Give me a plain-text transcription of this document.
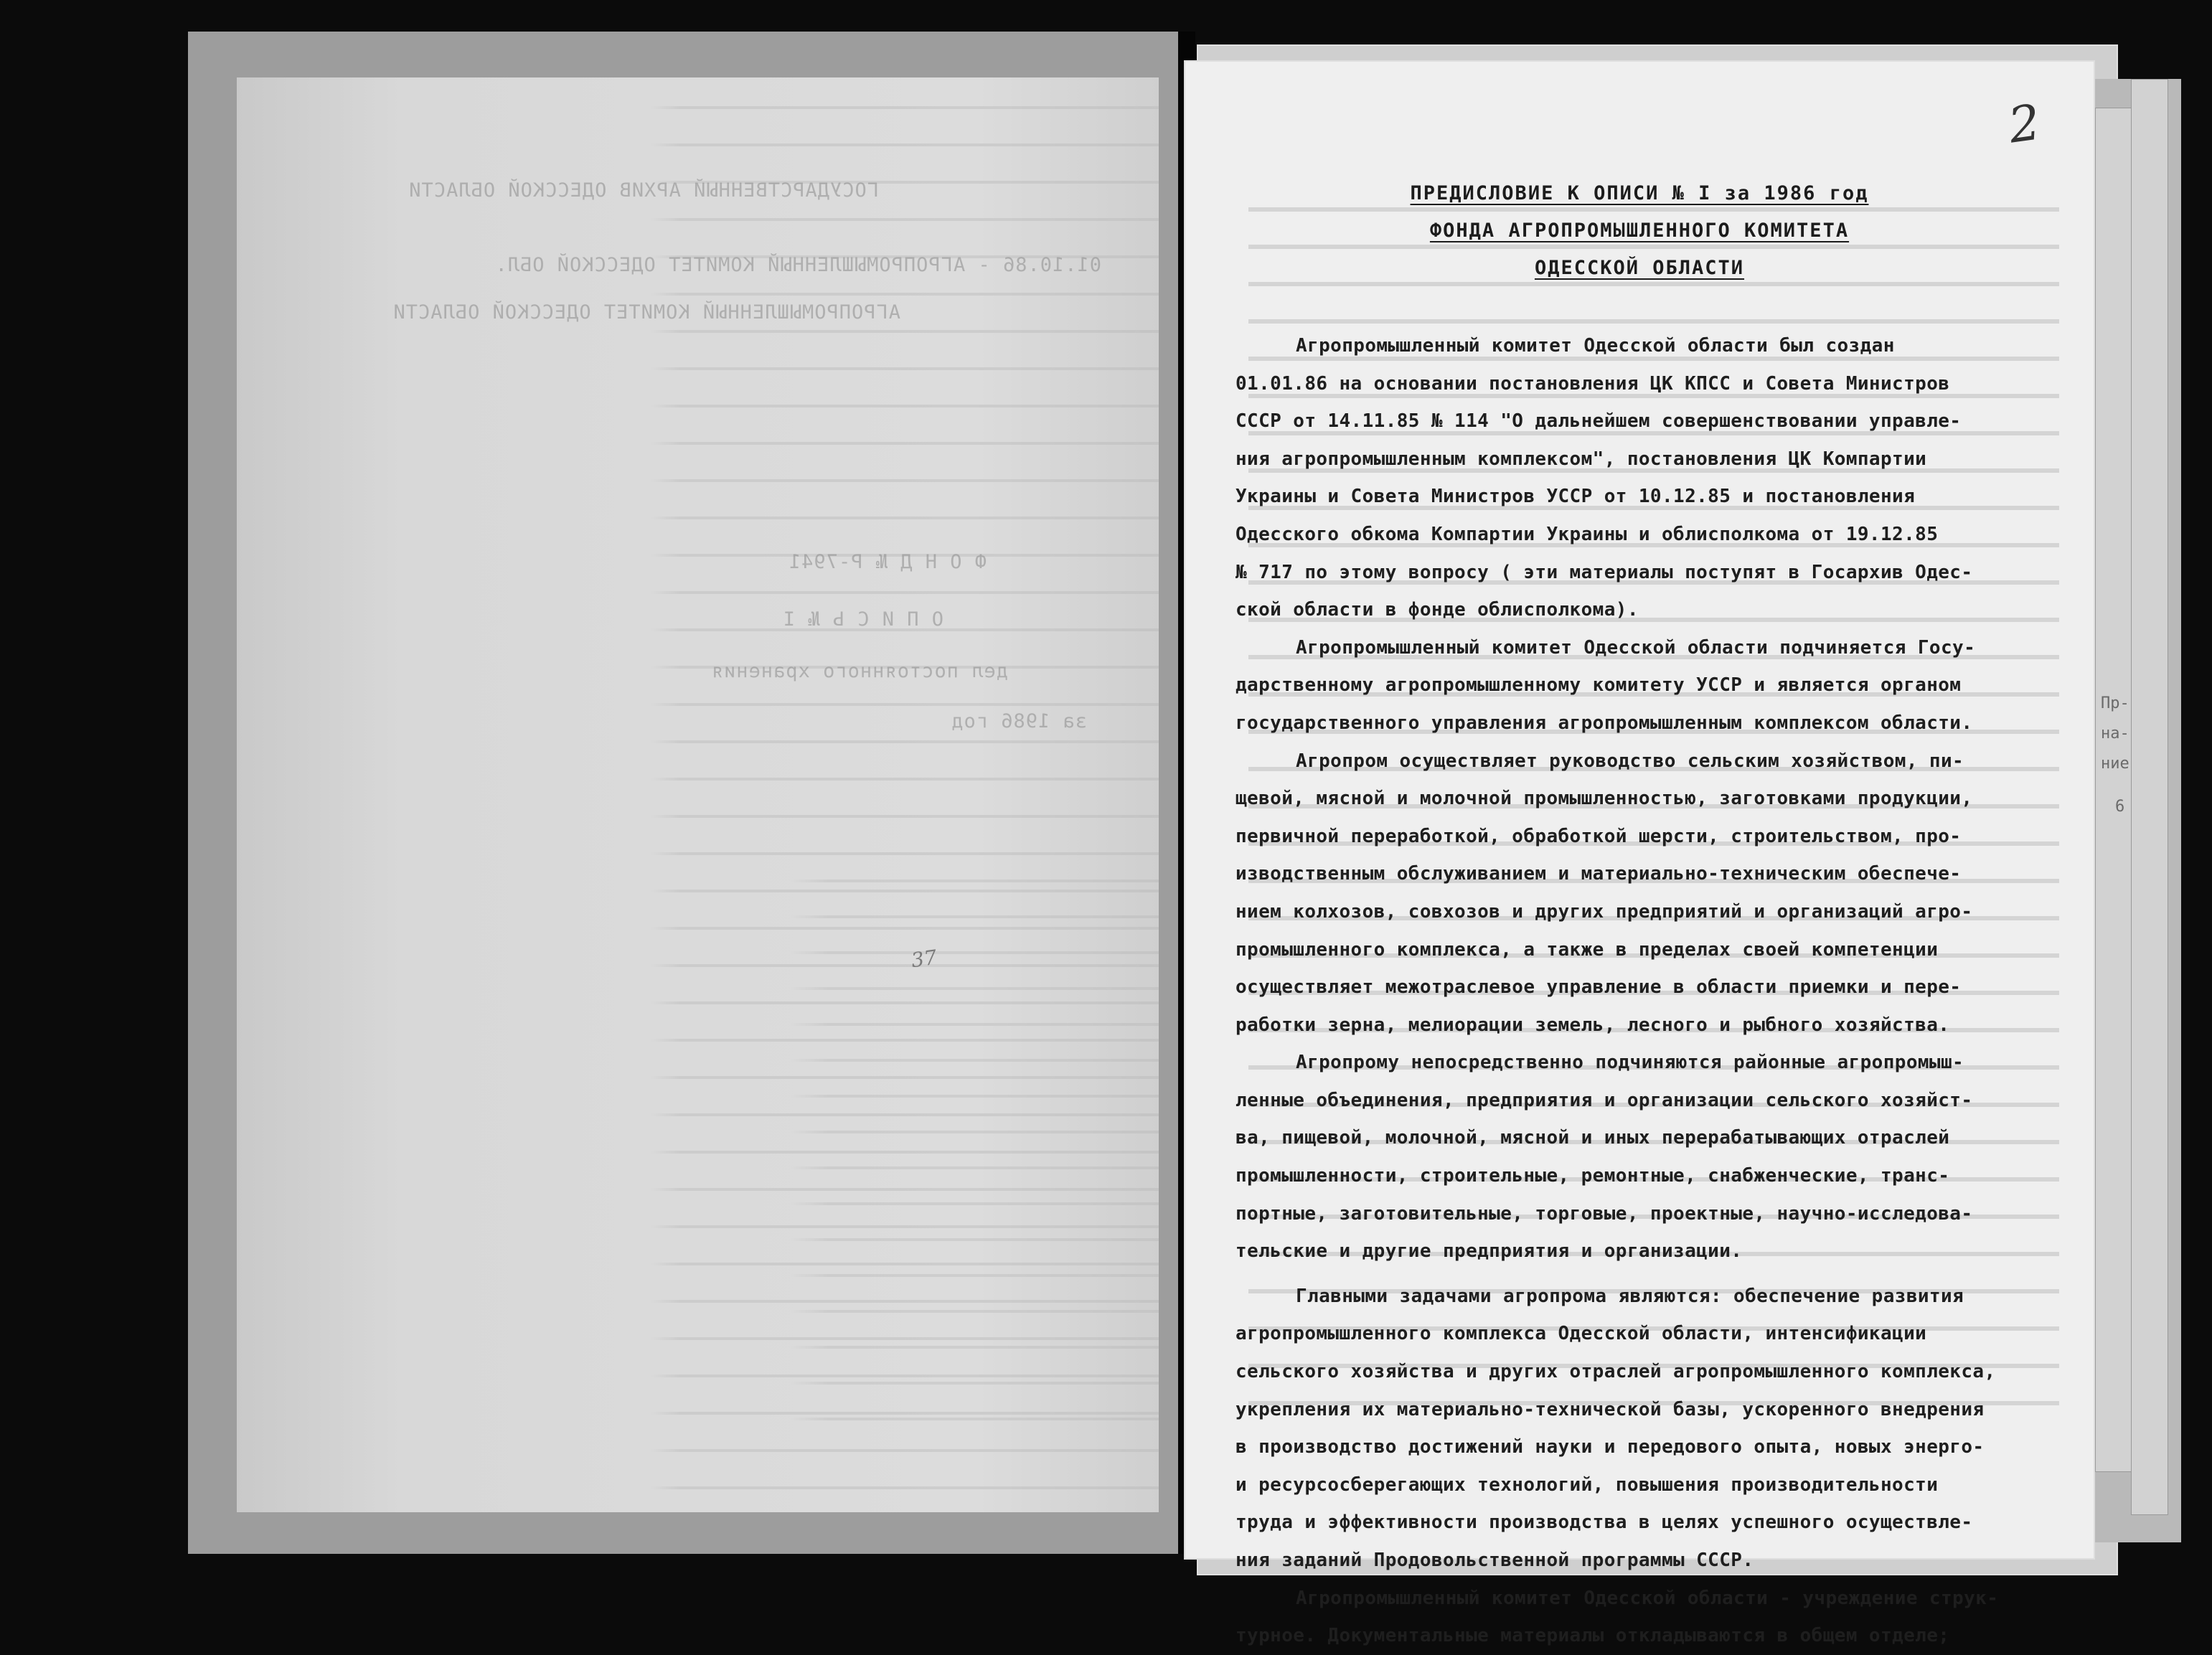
ГОСУДАРСТВЕННЫЙ АРХИВ ОДЕССКОЙ ОБЛАСТИ

01.10.86 - АГРОПРОМЫШЛЕННЫЙ КОМИТЕТ ОДЕССКОЙ ОБЛ.

АГРОПРОМЫШЛЕННЫЙ КОМИТЕТ ОДЕССКОЙ ОБЛАСТИ

Ф О Н Д № Р-7941

О П И С Ь № I

дел постоянного хранения

за 1986 год

37
Пр-
на-
ние
6
2

ПРЕДИСЛОВИЕ К ОПИСИ № I за 1986 год

ФОНДА АГРОПРОМЫШЛЕННОГО КОМИТЕТА

ОДЕССКОЙ ОБЛАСТИ

Агропромышленный комитет Одесской области был создан
01.01.86 на основании постановления ЦК КПСС и Совета Министров
СССР от 14.11.85 № 114 "О дальнейшем совершенствовании управле-
ния агропромышленным комплексом", постановления ЦК Компартии
Украины и Совета Министров УССР от 10.12.85 и постановления
Одесского обкома Компартии Украины и облисполкома от 19.12.85
№ 717 по этому вопросу ( эти материалы поступят в Госархив Одес-
ской области в фонде облисполкома).
Агропромышленный комитет Одесской области подчиняется Госу-
дарственному агропромышленному комитету УССР и является органом
государственного управления агропромышленным комплексом области.
Агропром осуществляет руководство сельским хозяйством, пи-
щевой, мясной и молочной промышленностью, заготовками продукции,
первичной переработкой, обработкой шерсти, строительством, про-
изводственным обслуживанием и материально-техническим обеспече-
нием колхозов, совхозов и других предприятий и организаций агро-
промышленного комплекса, а также в пределах своей компетенции
осуществляет межотраслевое управление в области приемки и пере-
работки зерна, мелиорации земель, лесного и рыбного хозяйства.
Агропрому непосредственно подчиняются районные агропромыш-
ленные объединения, предприятия и организации сельского хозяйст-
ва, пищевой, молочной, мясной и иных перерабатывающих отраслей
промышленности, строительные, ремонтные, снабженческие, транс-
портные, заготовительные, торговые, проектные, научно-исследова-
тельские и другие предприятия и организации.
Главными задачами агропрома являются: обеспечение развития
агропромышленного комплекса Одесской области, интенсификации
сельского хозяйства и других отраслей агропромышленного комплекса,
укрепления их материально-технической базы, ускоренного внедрения
в производство достижений науки и передового опыта, новых энерго-
и ресурсосберегающих технологий, повышения производительности
труда и эффективности производства в целях успешного осуществле-
ния заданий Продовольственной программы СССР.
Агропромышленный комитет Одесской области - учреждение струк-
турное. Документальные материалы откладываются в общем отделе;
